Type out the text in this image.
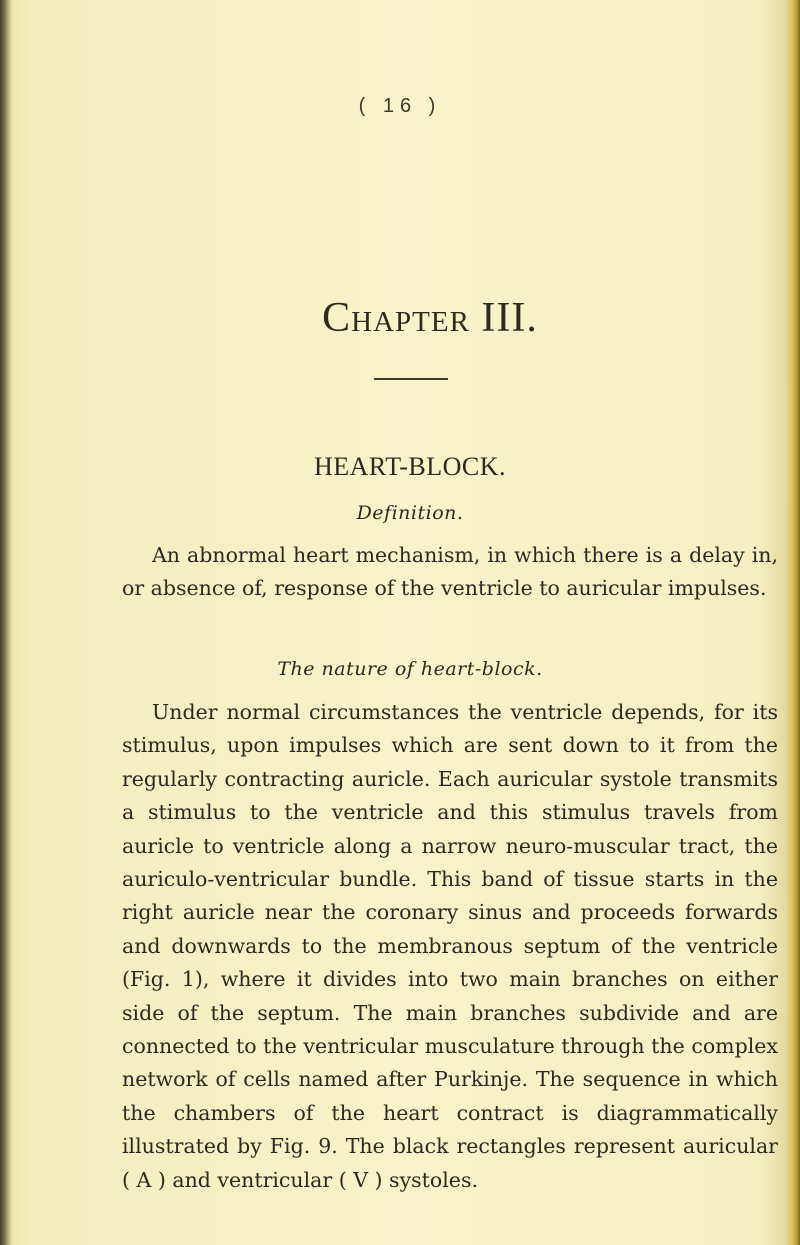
( 16 )
Chapter III.
HEART-BLOCK.
Definition.
An abnormal heart mechanism, in which there is a delay in, or absence of, response of the ventricle to auricular impulses.
The nature of heart-block.
Under normal circumstances the ventricle depends, for its stimulus, upon impulses which are sent down to it from the regularly contracting auricle. Each auricular systole transmits a stimulus to the ventricle and this stimulus travels from auricle to ventricle along a narrow neuro-muscular tract, the auriculo-ventricular bundle. This band of tissue starts in the right auricle near the coronary sinus and proceeds forwards and downwards to the membranous septum of the ventricle (Fig. 1), where it divides into two main branches on either side of the septum. The main branches subdivide and are connected to the ventricular musculature through the complex network of cells named after Purkinje. The sequence in which the chambers of the heart contract is diagrammatically illustrated by Fig. 9. The black rectangles represent auricular ( A ) and ventricular ( V ) systoles.
